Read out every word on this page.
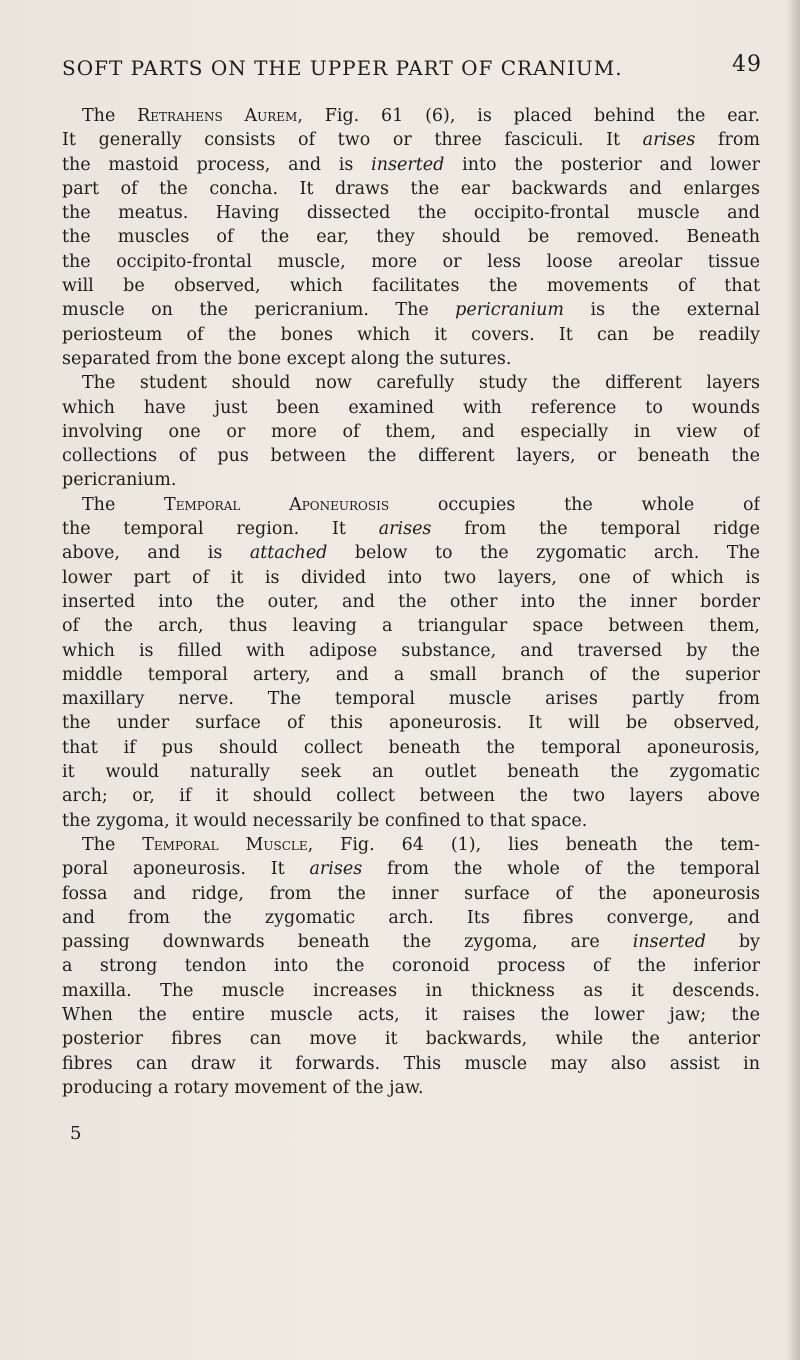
SOFT PARTS ON THE UPPER PART OF CRANIUM.	49
The Retrahens Aurem, Fig. 61 (6), is placed behind the ear.
It generally consists of two or three fasciculi. It arises from
the mastoid process, and is inserted into the posterior and lower
part of the concha. It draws the ear backwards and enlarges
the meatus. Having dissected the occipito-frontal muscle and
the muscles of the ear, they should be removed. Beneath
the occipito-frontal muscle, more or less loose areolar tissue
will be observed, which facilitates the movements of that
muscle on the pericranium. The pericranium is the external
periosteum of the bones which it covers. It can be readily
separated from the bone except along the sutures.
The student should now carefully study the different layers
which have just been examined with reference to wounds
involving one or more of them, and especially in view of
collections of pus between the different layers, or beneath the
pericranium.
The Temporal Aponeurosis occupies the whole of
the temporal region. It arises from the temporal ridge
above, and is attached below to the zygomatic arch. The
lower part of it is divided into two layers, one of which is
inserted into the outer, and the other into the inner border
of the arch, thus leaving a triangular space between them,
which is filled with adipose substance, and traversed by the
middle temporal artery, and a small branch of the superior
maxillary nerve. The temporal muscle arises partly from
the under surface of this aponeurosis. It will be observed,
that if pus should collect beneath the temporal aponeurosis,
it would naturally seek an outlet beneath the zygomatic
arch; or, if it should collect between the two layers above
the zygoma, it would necessarily be confined to that space.
The Temporal Muscle, Fig. 64 (1), lies beneath the tem-
poral aponeurosis. It arises from the whole of the temporal
fossa and ridge, from the inner surface of the aponeurosis
and from the zygomatic arch. Its fibres converge, and
passing downwards beneath the zygoma, are inserted by
a strong tendon into the coronoid process of the inferior
maxilla. The muscle increases in thickness as it descends.
When the entire muscle acts, it raises the lower jaw; the
posterior fibres can move it backwards, while the anterior
fibres can draw it forwards. This muscle may also assist in
producing a rotary movement of the jaw.
5
